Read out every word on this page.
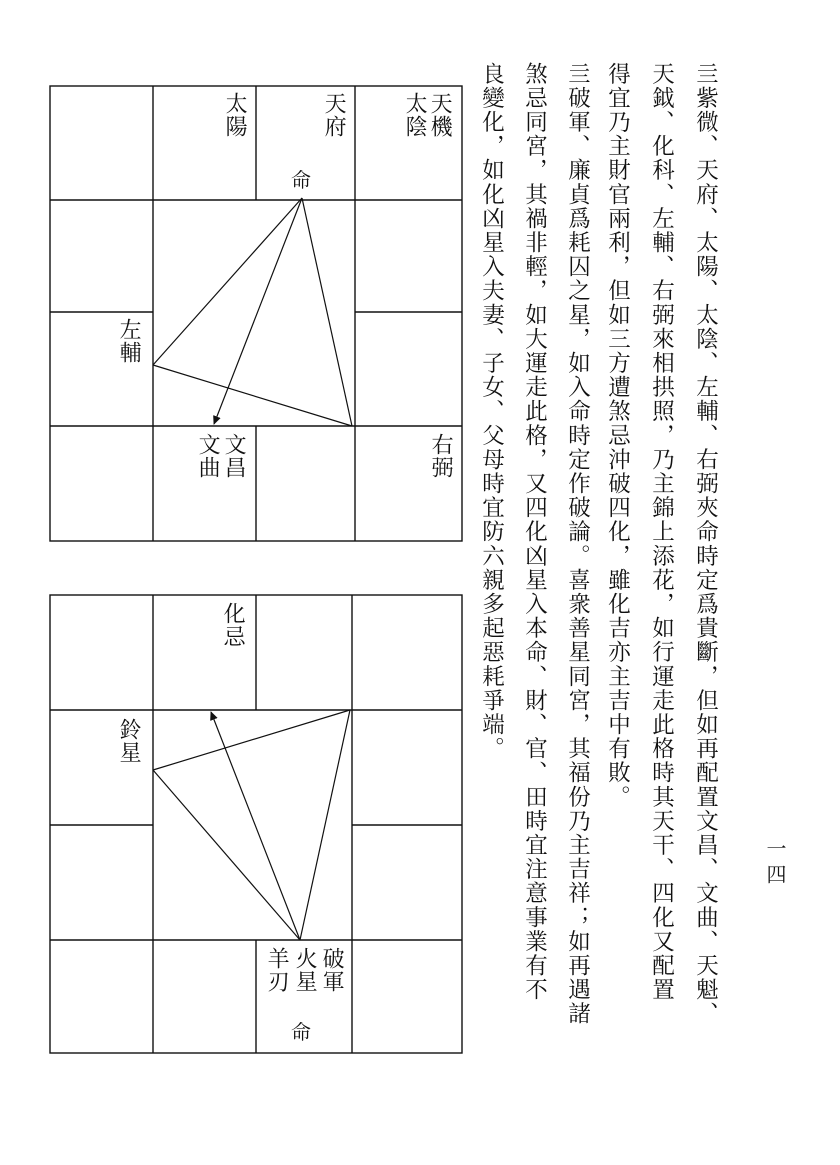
亖紫微、天府、太陽、太陰、左輔、右弼夾命時定爲貴斷，但如再配置文昌、文曲、天魁、
天鉞、化科、左輔、右弼來相拱照，乃主錦上添花，如行運走此格時其天干、四化又配置
得宜乃主財官兩利，但如三方遭煞忌沖破四化，雖化吉亦主吉中有敗。
亖破軍、廉貞爲耗囚之星，如入命時定作破論。喜衆善星同宮，其福份乃主吉祥；如再遇諸
煞忌同宮，其禍非輕，如大運走此格，又四化凶星入本命、財、官、田時宜注意事業有不
良變化，如化凶星入夫妻、子女、父母時宜防六親多起惡耗爭端。
一四
天機
太陰
天府
太陽
命
左輔
文昌
文曲	右弼
化忌
鈴星
破軍
火星
羊刃
命
